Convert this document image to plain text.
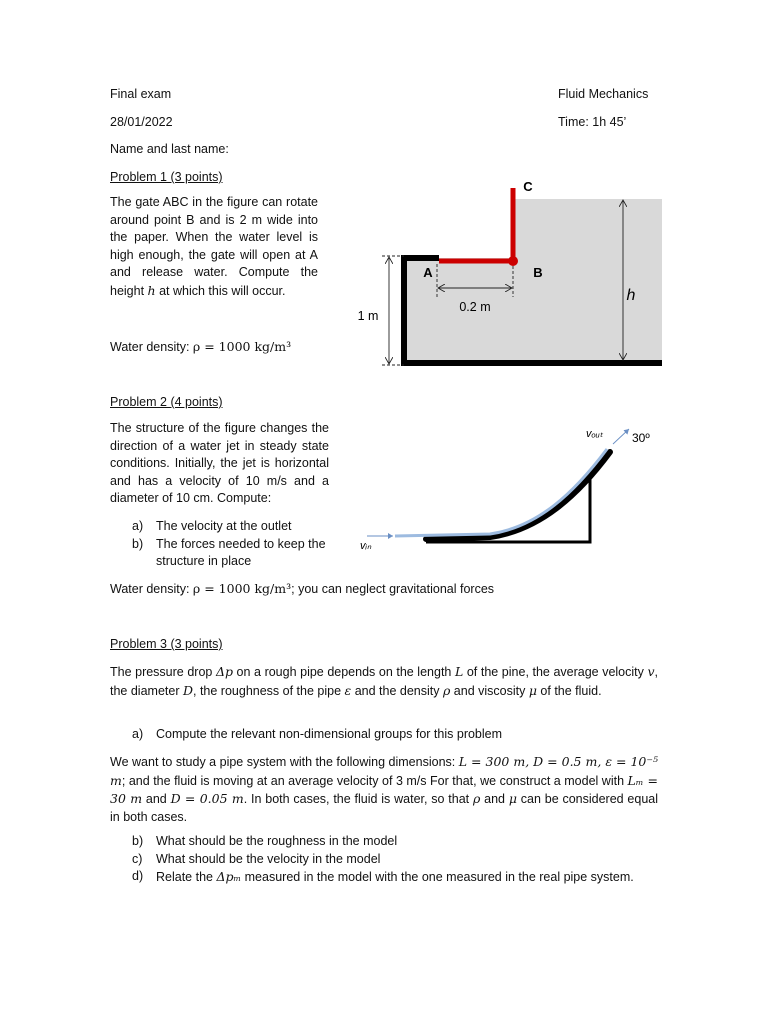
Final exam	Fluid Mechanics
28/01/2022	Time: 1h 45’
Name and last name:
Problem 1 (3 points)
The gate ABC in the figure can rotate around point B and is 2 m wide into the paper. When the water level is high enough, the gate will open at A and release water. Compute the height h at which this will occur.
Water density: ρ = 1000 kg/m³
C
A	B
0.2 m
1 m
h
Problem 2 (4 points)
The structure of the figure changes the direction of a water jet in steady state conditions. Initially, the jet is horizontal and has a velocity of 10 m/s and a diameter of 10 cm. Compute:
a) The velocity at the outlet
b) The forces needed to keep the structure in place
Water density: ρ = 1000 kg/m³; you can neglect gravitational forces
vᵢₙ
vₒᵤₜ 30º
Problem 3 (3 points)
The pressure drop Δp on a rough pipe depends on the length L of the pine, the average velocity v, the diameter D, the roughness of the pipe ε and the density ρ and viscosity μ of the fluid.
a) Compute the relevant non-dimensional groups for this problem
We want to study a pipe system with the following dimensions: L = 300 m, D = 0.5 m, ε = 10⁻⁵ m; and the fluid is moving at an average velocity of 3 m/s For that, we construct a model with Lₘ = 30 m and D = 0.05 m. In both cases, the fluid is water, so that ρ and μ can be considered equal in both cases.
b) What should be the roughness in the model
c) What should be the velocity in the model
d) Relate the Δpₘ measured in the model with the one measured in the real pipe system.
